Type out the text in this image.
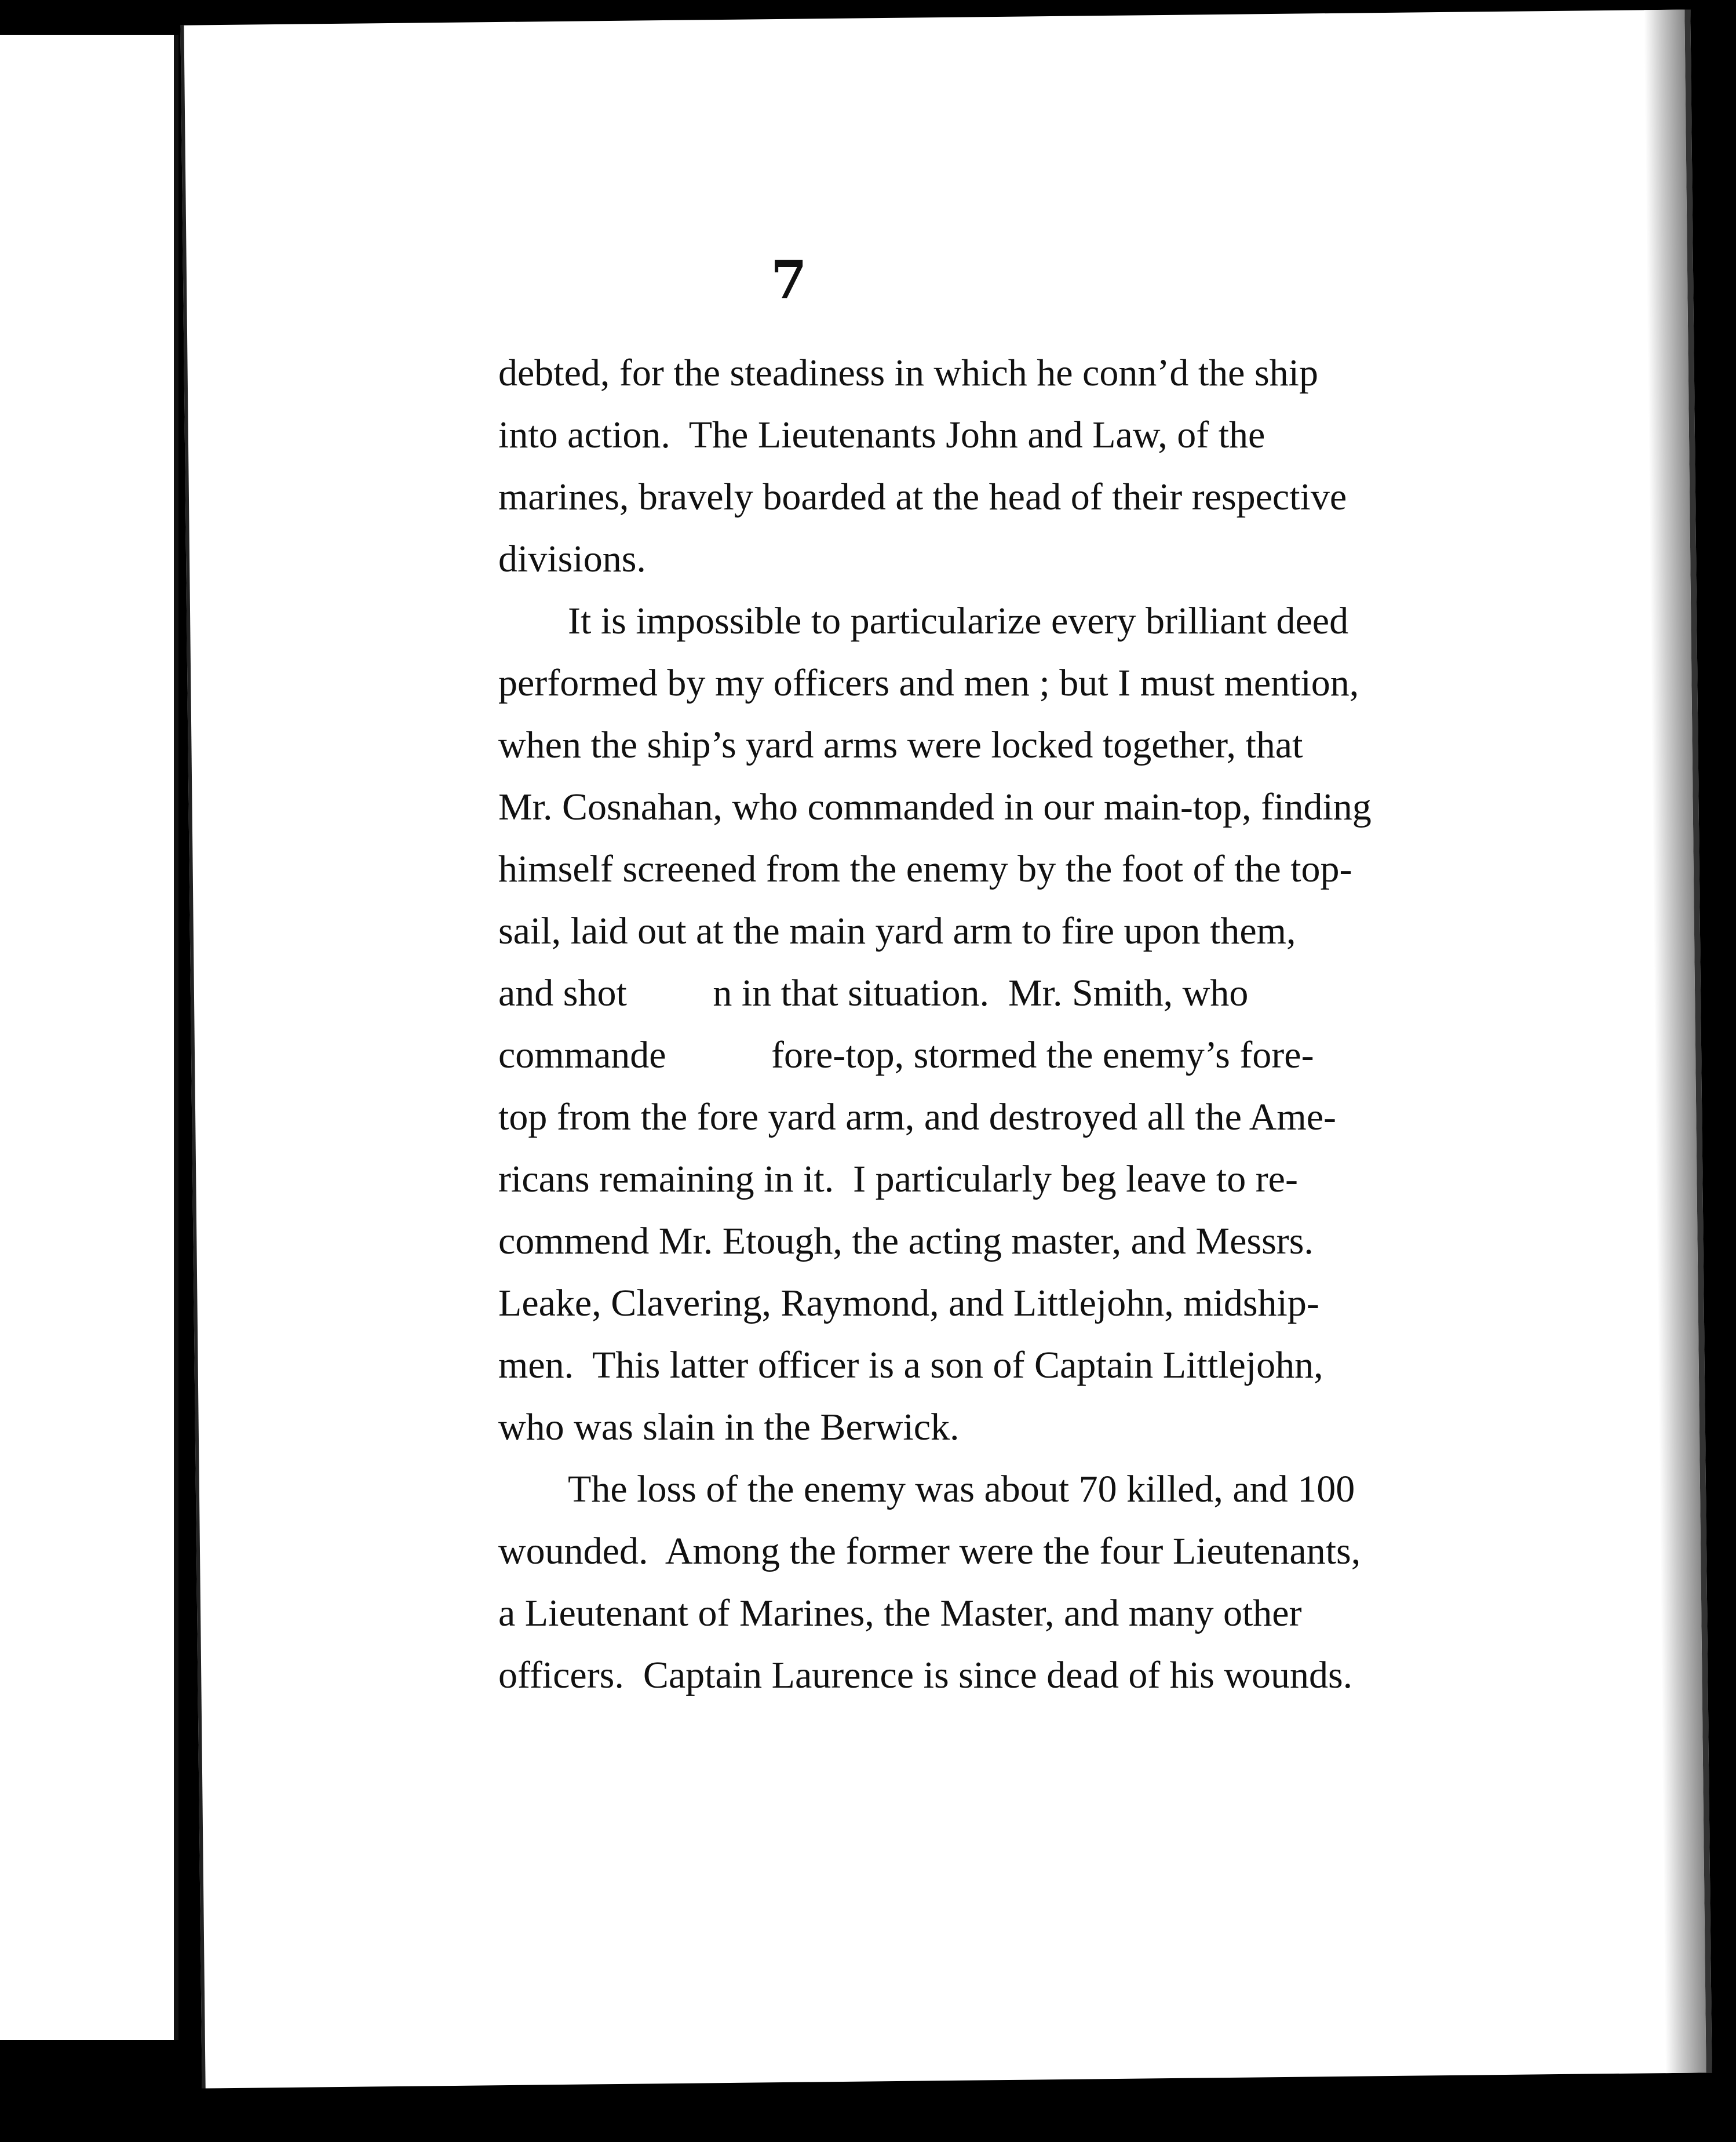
7
debted, for the steadiness in which he conn’d the ship
into action.  The Lieutenants John and Law, of the
marines, bravely boarded at the head of their respective
divisions.
It is impossible to particularize every brilliant deed
performed by my officers and men ; but I must mention,
when the ship’s yard arms were locked together, that
Mr. Cosnahan, who commanded in our main-top, finding
himself screened from the enemy by the foot of the top-
sail, laid out at the main yard arm to fire upon them,
and shot         n in that situation.  Mr. Smith, who
commande           fore-top, stormed the enemy’s fore-
top from the fore yard arm, and destroyed all the Ame-
ricans remaining in it.  I particularly beg leave to re-
commend Mr. Etough, the acting master, and Messrs.
Leake, Clavering, Raymond, and Littlejohn, midship-
men.  This latter officer is a son of Captain Littlejohn,
who was slain in the Berwick.
The loss of the enemy was about 70 killed, and 100
wounded.  Among the former were the four Lieutenants,
a Lieutenant of Marines, the Master, and many other
officers.  Captain Laurence is since dead of his wounds.
